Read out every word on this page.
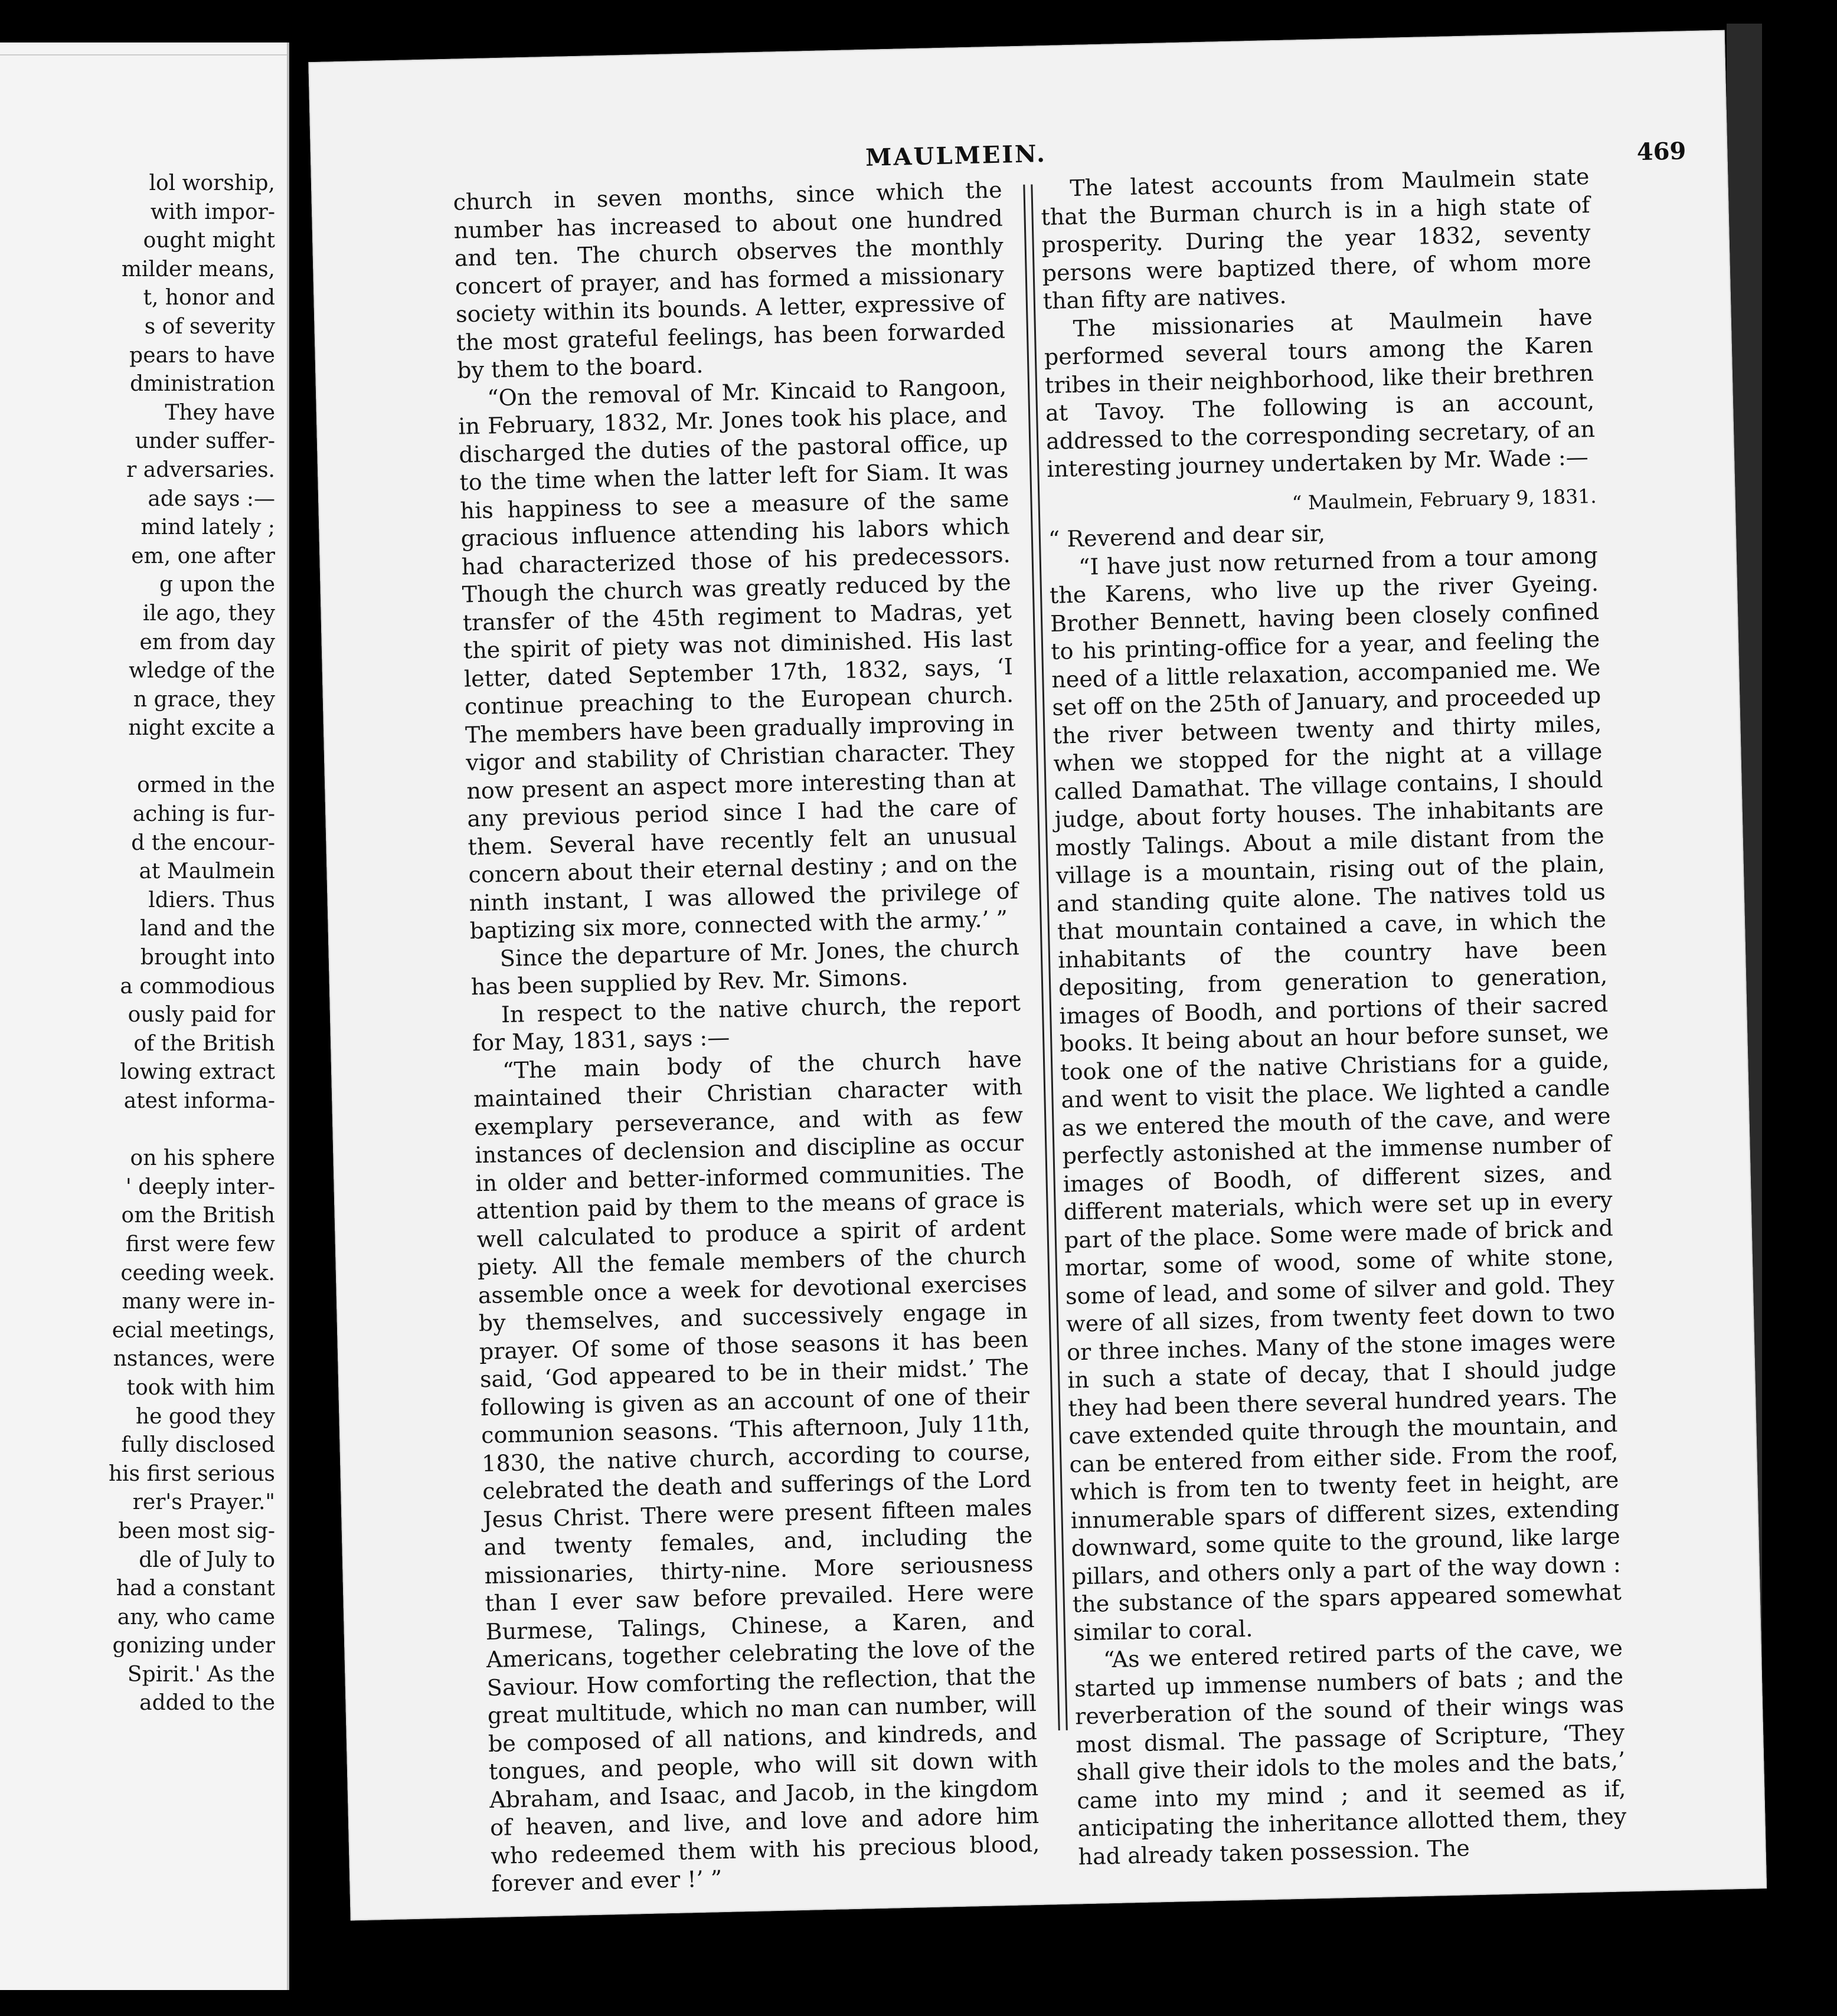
lol worship,
with impor-
ought might
milder means,
t, honor and
s of severity
pears to have
dministration
They have
under suffer-
r adversaries.
ade says :—
mind lately ;
em, one after
g upon the
ile ago, they
em from day
wledge of the
n grace, they
night excite a

ormed in the
aching is fur-
d the encour-
at Maulmein
ldiers. Thus
land and the
brought into
a commodious
ously paid for
of the British
lowing extract
atest informa-

on his sphere
' deeply inter-
om the British
first were few
ceeding week.
many were in-
ecial meetings,
nstances, were
took with him
he good they
fully disclosed
his first serious
rer's Prayer."
been most sig-
dle of July to
had a constant
any, who came
gonizing under
Spirit.' As the
added to the
MAULMEIN.	469

church in seven months, since which the number has increased to about one hundred and ten. The church observes the monthly concert of prayer, and has formed a missionary society within its bounds. A letter, expressive of the most grateful feelings, has been forwarded by them to the board.

“On the removal of Mr. Kincaid to Rangoon, in February, 1832, Mr. Jones took his place, and discharged the duties of the pastoral office, up to the time when the latter left for Siam. It was his happiness to see a measure of the same gracious influence attending his labors which had characterized those of his predecessors. Though the church was greatly reduced by the transfer of the 45th regiment to Madras, yet the spirit of piety was not diminished. His last letter, dated September 17th, 1832, says, ‘I continue preaching to the European church. The members have been gradually improving in vigor and stability of Christian character. They now present an aspect more interesting than at any previous period since I had the care of them. Several have recently felt an unusual concern about their eternal destiny ; and on the ninth instant, I was allowed the privilege of baptizing six more, connected with the army.’ ”

Since the departure of Mr. Jones, the church has been supplied by Rev. Mr. Simons.

In respect to the native church, the report for May, 1831, says :—

“The main body of the church have maintained their Christian character with exemplary perseverance, and with as few instances of declension and discipline as occur in older and better-informed communities. The attention paid by them to the means of grace is well calculated to produce a spirit of ardent piety. All the female members of the church assemble once a week for devotional exercises by themselves, and successively engage in prayer. Of some of those seasons it has been said, ‘God appeared to be in their midst.’ The following is given as an account of one of their communion seasons. ‘This afternoon, July 11th, 1830, the native church, according to course, celebrated the death and sufferings of the Lord Jesus Christ. There were present fifteen males and twenty females, and, including the missionaries, thirty-nine. More seriousness than I ever saw before prevailed. Here were Burmese, Talings, Chinese, a Karen, and Americans, together celebrating the love of the Saviour. How comforting the reflection, that the great multitude, which no man can number, will be composed of all nations, and kindreds, and tongues, and people, who will sit down with Abraham, and Isaac, and Jacob, in the kingdom of heaven, and live, and love and adore him who redeemed them with his precious blood, forever and ever !’ ”

The latest accounts from Maulmein state that the Burman church is in a high state of prosperity. During the year 1832, seventy persons were baptized there, of whom more than fifty are natives.

The missionaries at Maulmein have performed several tours among the Karen tribes in their neighborhood, like their brethren at Tavoy. The following is an account, addressed to the corresponding secretary, of an interesting journey undertaken by Mr. Wade :—

“ Maulmein, February 9, 1831.

“ Reverend and dear sir,

“I have just now returned from a tour among the Karens, who live up the river Gyeing. Brother Bennett, having been closely confined to his printing-office for a year, and feeling the need of a little relaxation, accompanied me. We set off on the 25th of January, and proceeded up the river between twenty and thirty miles, when we stopped for the night at a village called Damathat. The village contains, I should judge, about forty houses. The inhabitants are mostly Talings. About a mile distant from the village is a mountain, rising out of the plain, and standing quite alone. The natives told us that mountain contained a cave, in which the inhabitants of the country have been depositing, from generation to generation, images of Boodh, and portions of their sacred books. It being about an hour before sunset, we took one of the native Christians for a guide, and went to visit the place. We lighted a candle as we entered the mouth of the cave, and were perfectly astonished at the immense number of images of Boodh, of different sizes, and different materials, which were set up in every part of the place. Some were made of brick and mortar, some of wood, some of white stone, some of lead, and some of silver and gold. They were of all sizes, from twenty feet down to two or three inches. Many of the stone images were in such a state of decay, that I should judge they had been there several hundred years. The cave extended quite through the mountain, and can be entered from either side. From the roof, which is from ten to twenty feet in height, are innumerable spars of different sizes, extending downward, some quite to the ground, like large pillars, and others only a part of the way down : the substance of the spars appeared somewhat similar to coral.

“As we entered retired parts of the cave, we started up immense numbers of bats ; and the reverberation of the sound of their wings was most dismal. The passage of Scripture, ‘They shall give their idols to the moles and the bats,’ came into my mind ; and it seemed as if, anticipating the inheritance allotted them, they had already taken possession. The
